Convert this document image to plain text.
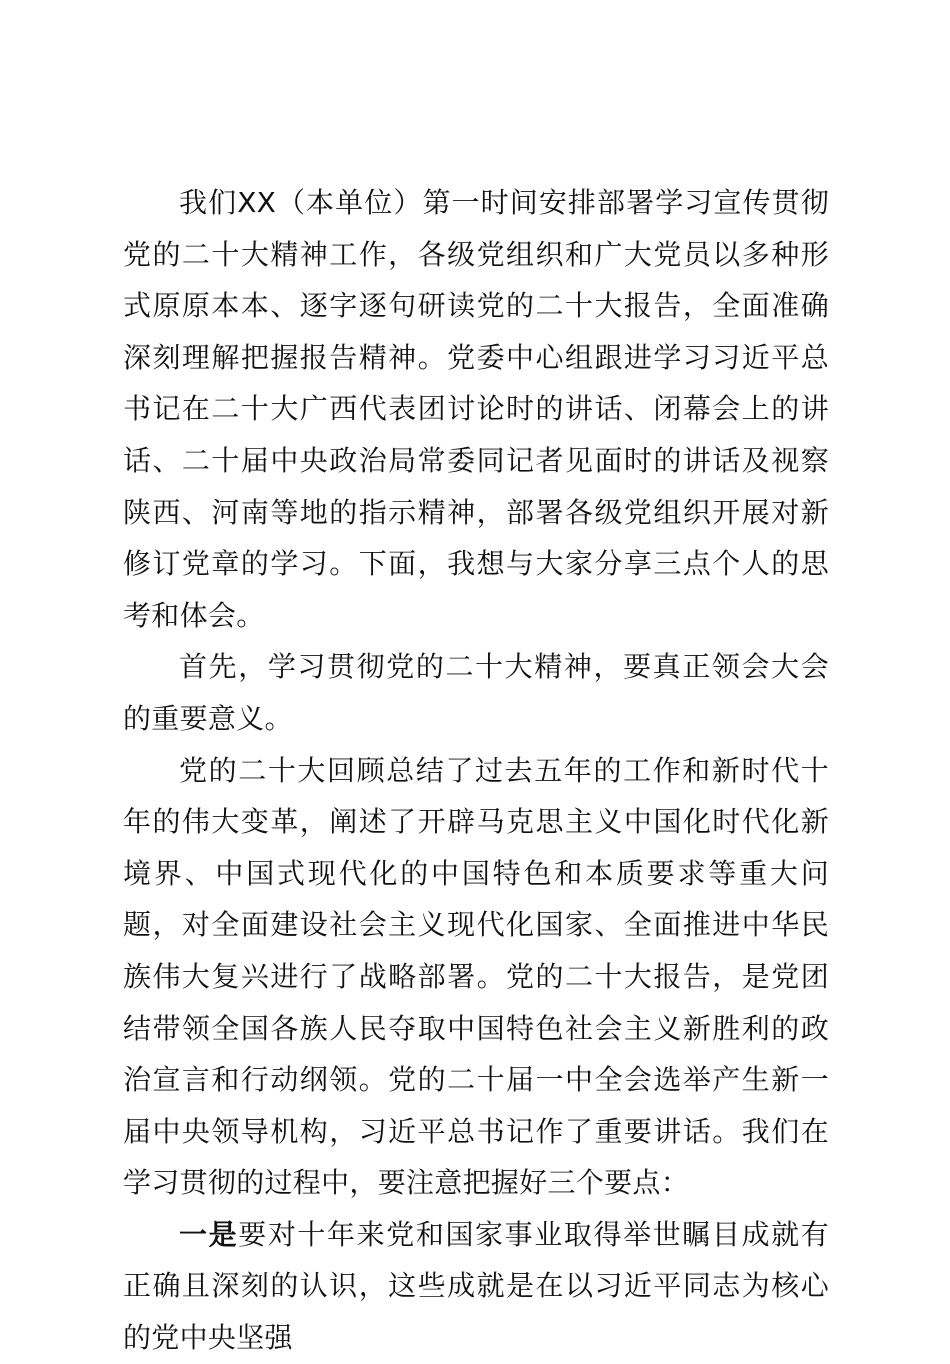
我们XX（本单位）第一时间安排部署学习宣传贯彻党的二十大精神工作，各级党组织和广大党员以多种形式原原本本、逐字逐句研读党的二十大报告，全面准确深刻理解把握报告精神。党委中心组跟进学习习近平总书记在二十大广西代表团讨论时的讲话、闭幕会上的讲话、二十届中央政治局常委同记者见面时的讲话及视察陕西、河南等地的指示精神，部署各级党组织开展对新修订党章的学习。下面，我想与大家分享三点个人的思考和体会。

首先，学习贯彻党的二十大精神，要真正领会大会的重要意义。

党的二十大回顾总结了过去五年的工作和新时代十年的伟大变革，阐述了开辟马克思主义中国化时代化新境界、中国式现代化的中国特色和本质要求等重大问题，对全面建设社会主义现代化国家、全面推进中华民族伟大复兴进行了战略部署。党的二十大报告，是党团结带领全国各族人民夺取中国特色社会主义新胜利的政治宣言和行动纲领。党的二十届一中全会选举产生新一届中央领导机构，习近平总书记作了重要讲话。我们在学习贯彻的过程中，要注意把握好三个要点：

一是要对十年来党和国家事业取得举世瞩目成就有正确且深刻的认识，这些成就是在以习近平同志为核心的党中央坚强
